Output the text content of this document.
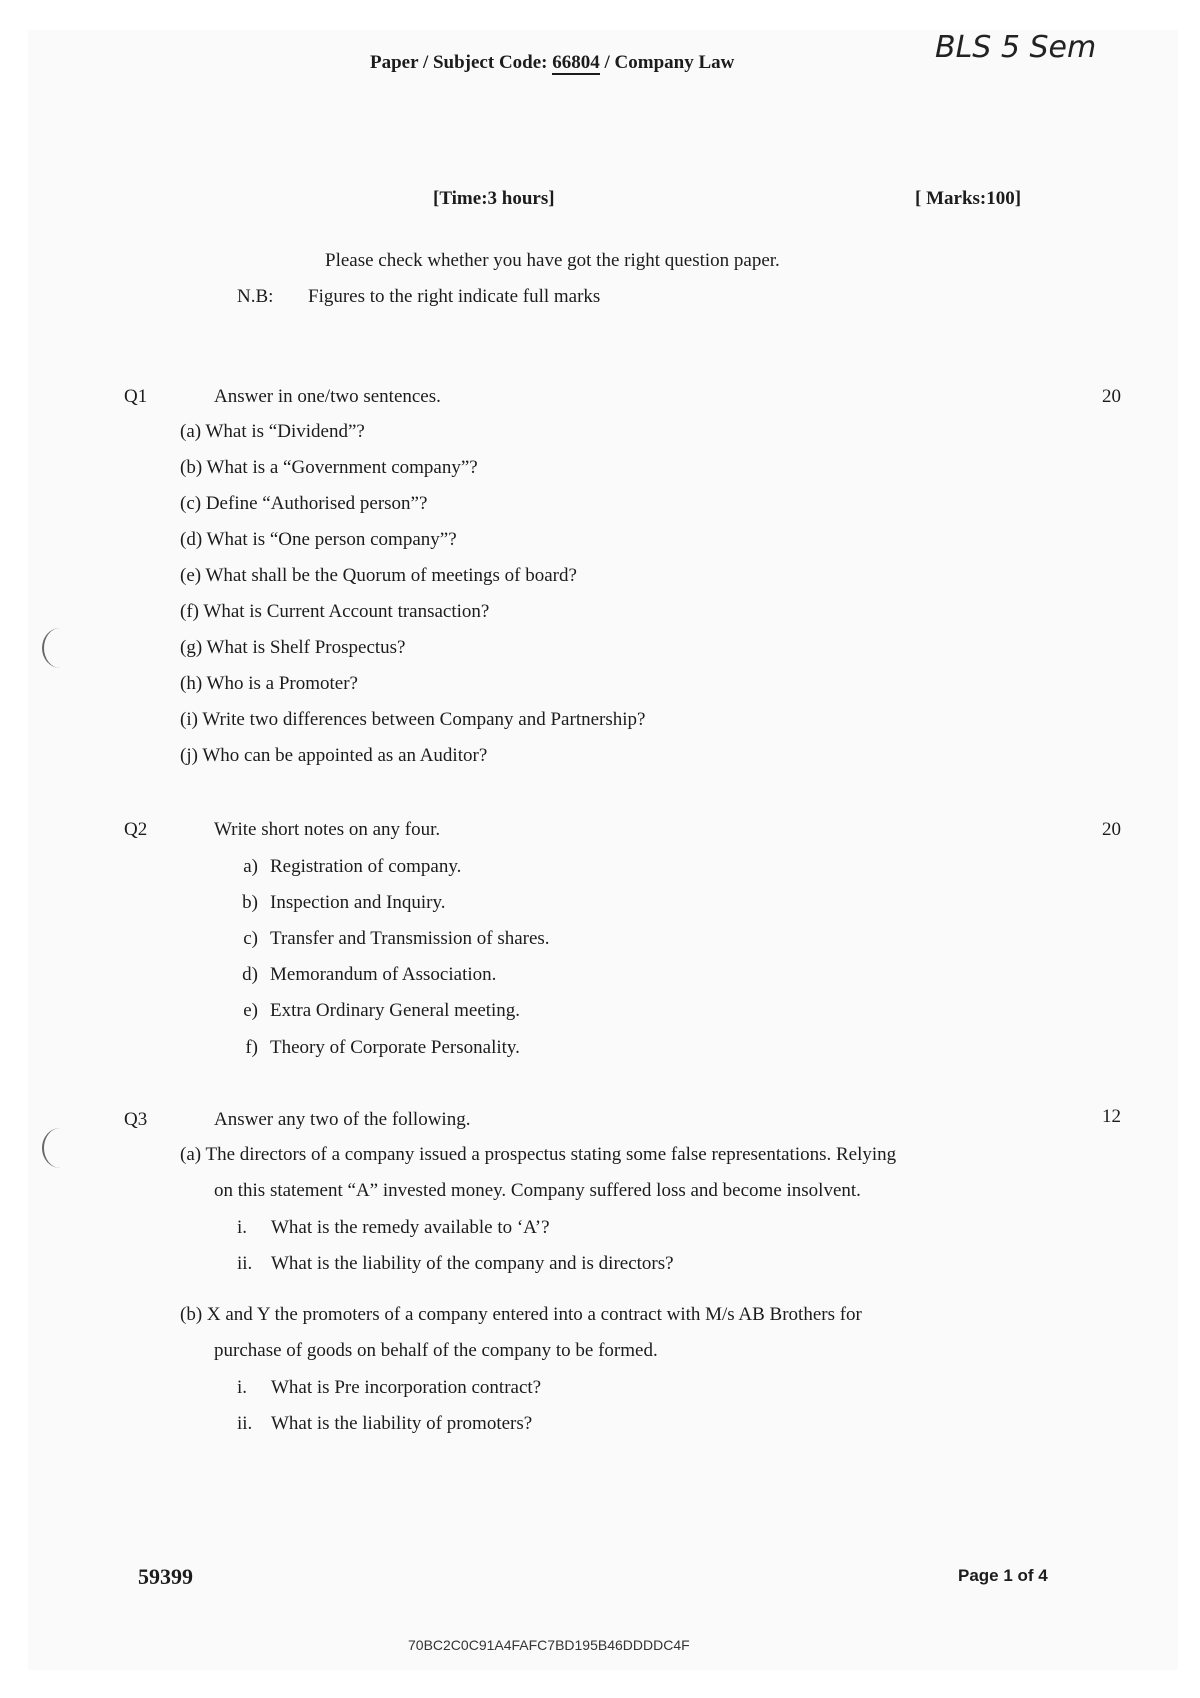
Paper / Subject Code: 66804 / Company Law	BLS 5 Sem
[Time:3 hours]	[ Marks:100]
Please check whether you have got the right question paper.
N.B: Figures to the right indicate full marks
Q1	Answer in one/two sentences.	20
(a) What is “Dividend”?
(b) What is a “Government company”?
(c) Define “Authorised person”?
(d) What is “One person company”?
(e) What shall be the Quorum of meetings of board?
(f) What is Current Account transaction?
(g) What is Shelf Prospectus?
(h) Who is a Promoter?
(i) Write two differences between Company and Partnership?
(j) Who can be appointed as an Auditor?
Q2	Write short notes on any four.	20
a) Registration of company.
b) Inspection and Inquiry.
c) Transfer and Transmission of shares.
d) Memorandum of Association.
e) Extra Ordinary General meeting.
f) Theory of Corporate Personality.
Q3	Answer any two of the following.	12
(a) The directors of a company issued a prospectus stating some false representations. Relying
on this statement “A” invested money. Company suffered loss and become insolvent.
i. What is the remedy available to ‘A’?
ii. What is the liability of the company and is directors?
(b) X and Y the promoters of a company entered into a contract with M/s AB Brothers for
purchase of goods on behalf of the company to be formed.
i. What is Pre incorporation contract?
ii. What is the liability of promoters?
59399	Page 1 of 4
70BC2C0C91A4FAFC7BD195B46DDDDC4F
